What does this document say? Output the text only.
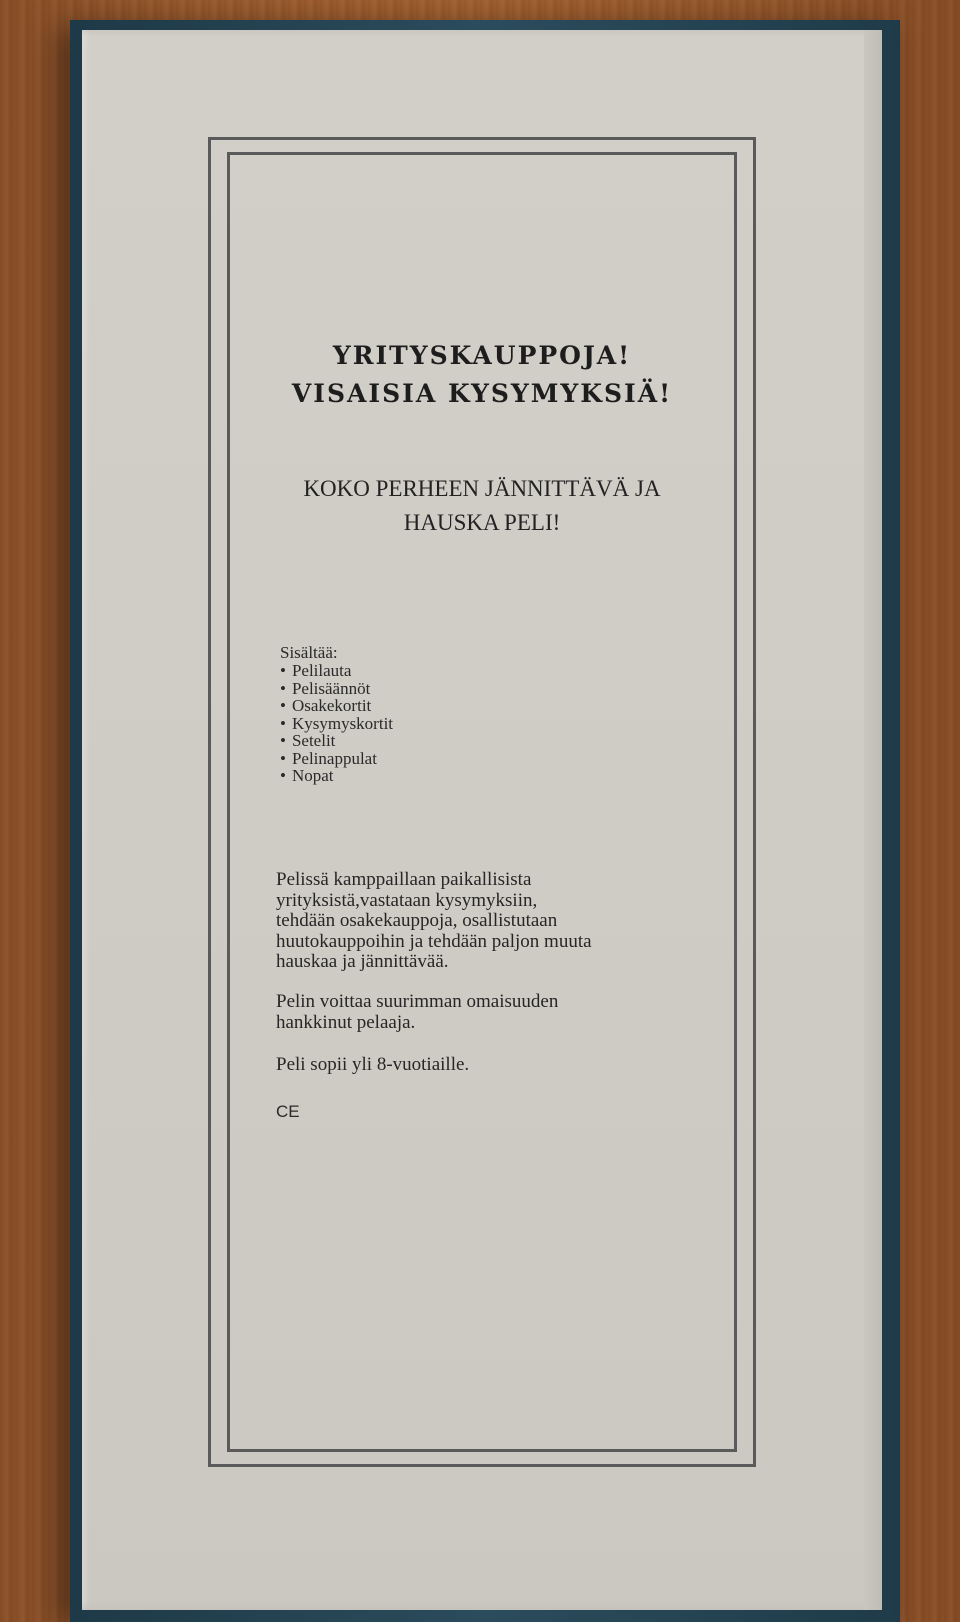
YRITYSKAUPPOJA!
VISAISIA KYSYMYKSIÄ!

KOKO PERHEEN JÄNNITTÄVÄ JA

HAUSKA PELI!

Sisältää:

• Pelilauta
• Pelisäännöt
• Osakekortit
• Kysymyskortit
• Setelit
• Pelinappulat
• Nopat
Pelissä kamppaillaan paikallisista
yrityksistä,vastataan kysymyksiin,
tehdään osakekauppoja, osallistutaan
huutokauppoihin ja tehdään paljon muuta
hauskaa ja jännittävää.
Pelin voittaa suurimman omaisuuden
hankkinut pelaaja.

Peli sopii yli 8-vuotiaille.

CE
